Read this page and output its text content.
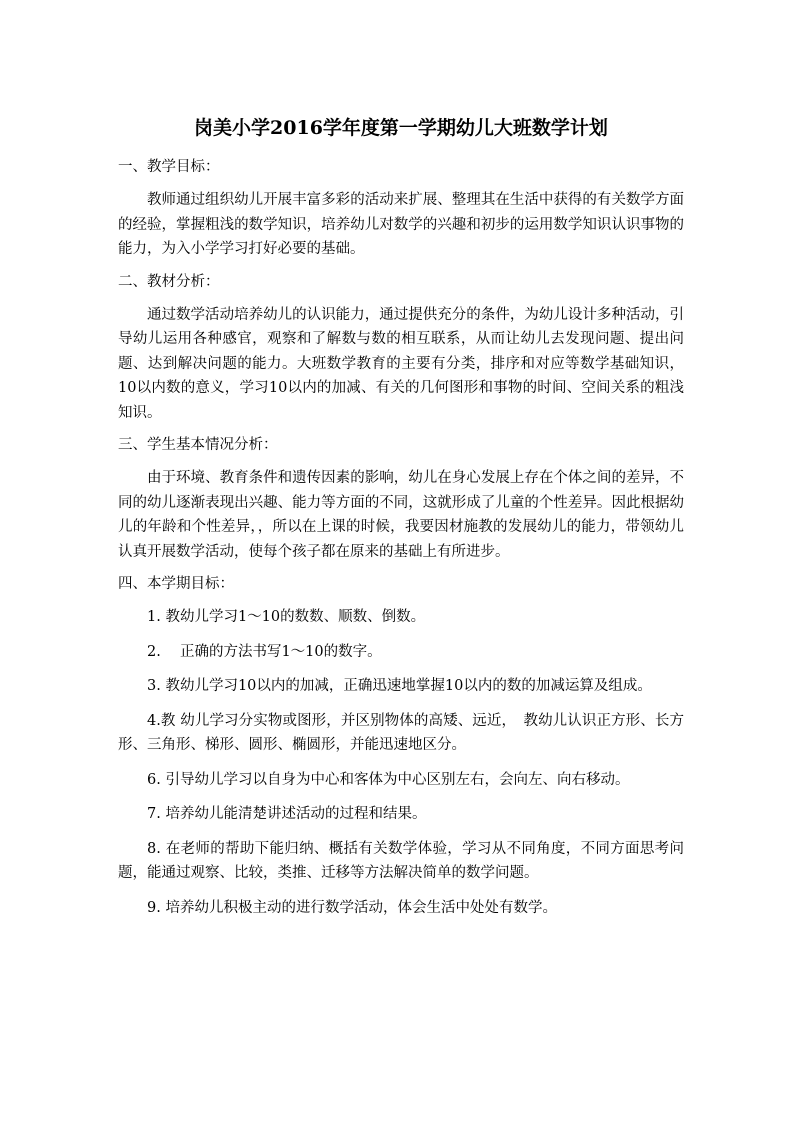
岗美小学2016学年度第一学期幼儿大班数学计划
一、教学目标：
教师通过组织幼儿开展丰富多彩的活动来扩展、整理其在生活中获得的有关数学方面的经验，掌握粗浅的数学知识，培养幼儿对数学的兴趣和初步的运用数学知识认识事物的能力，为入小学学习打好必要的基础。
二、教材分析：
通过数学活动培养幼儿的认识能力，通过提供充分的条件，为幼儿设计多种活动，引导幼儿运用各种感官，观察和了解数与数的相互联系，从而让幼儿去发现问题、提出问题、达到解决问题的能力。大班数学教育的主要有分类，排序和对应等数学基础知识，10以内数的意义，学习10以内的加减、有关的几何图形和事物的时间、空间关系的粗浅知识。
三、学生基本情况分析：
由于环境、教育条件和遗传因素的影响，幼儿在身心发展上存在个体之间的差异，不同的幼儿逐渐表现出兴趣、能力等方面的不同，这就形成了儿童的个性差异。因此根据幼儿的年龄和个性差异，，所以在上课的时候，我要因材施教的发展幼儿的能力，带领幼儿认真开展数学活动，使每个孩子都在原来的基础上有所进步。
四、本学期目标：
1. 教幼儿学习1～10的数数、顺数、倒数。
2.　 正确的方法书写1～10的数字。
3. 教幼儿学习10以内的加减，正确迅速地掌握10以内的数的加减运算及组成。
4.教 幼儿学习分实物或图形，并区别物体的高矮、远近，　教幼儿认识正方形、长方形、三角形、梯形、圆形、椭圆形，并能迅速地区分。
6. 引导幼儿学习以自身为中心和客体为中心区别左右，会向左、向右移动。
7. 培养幼儿能清楚讲述活动的过程和结果。
8. 在老师的帮助下能归纳、概括有关数学体验，学习从不同角度，不同方面思考问题，能通过观察、比较，类推、迁移等方法解决简单的数学问题。
9. 培养幼儿积极主动的进行数学活动，体会生活中处处有数学。
